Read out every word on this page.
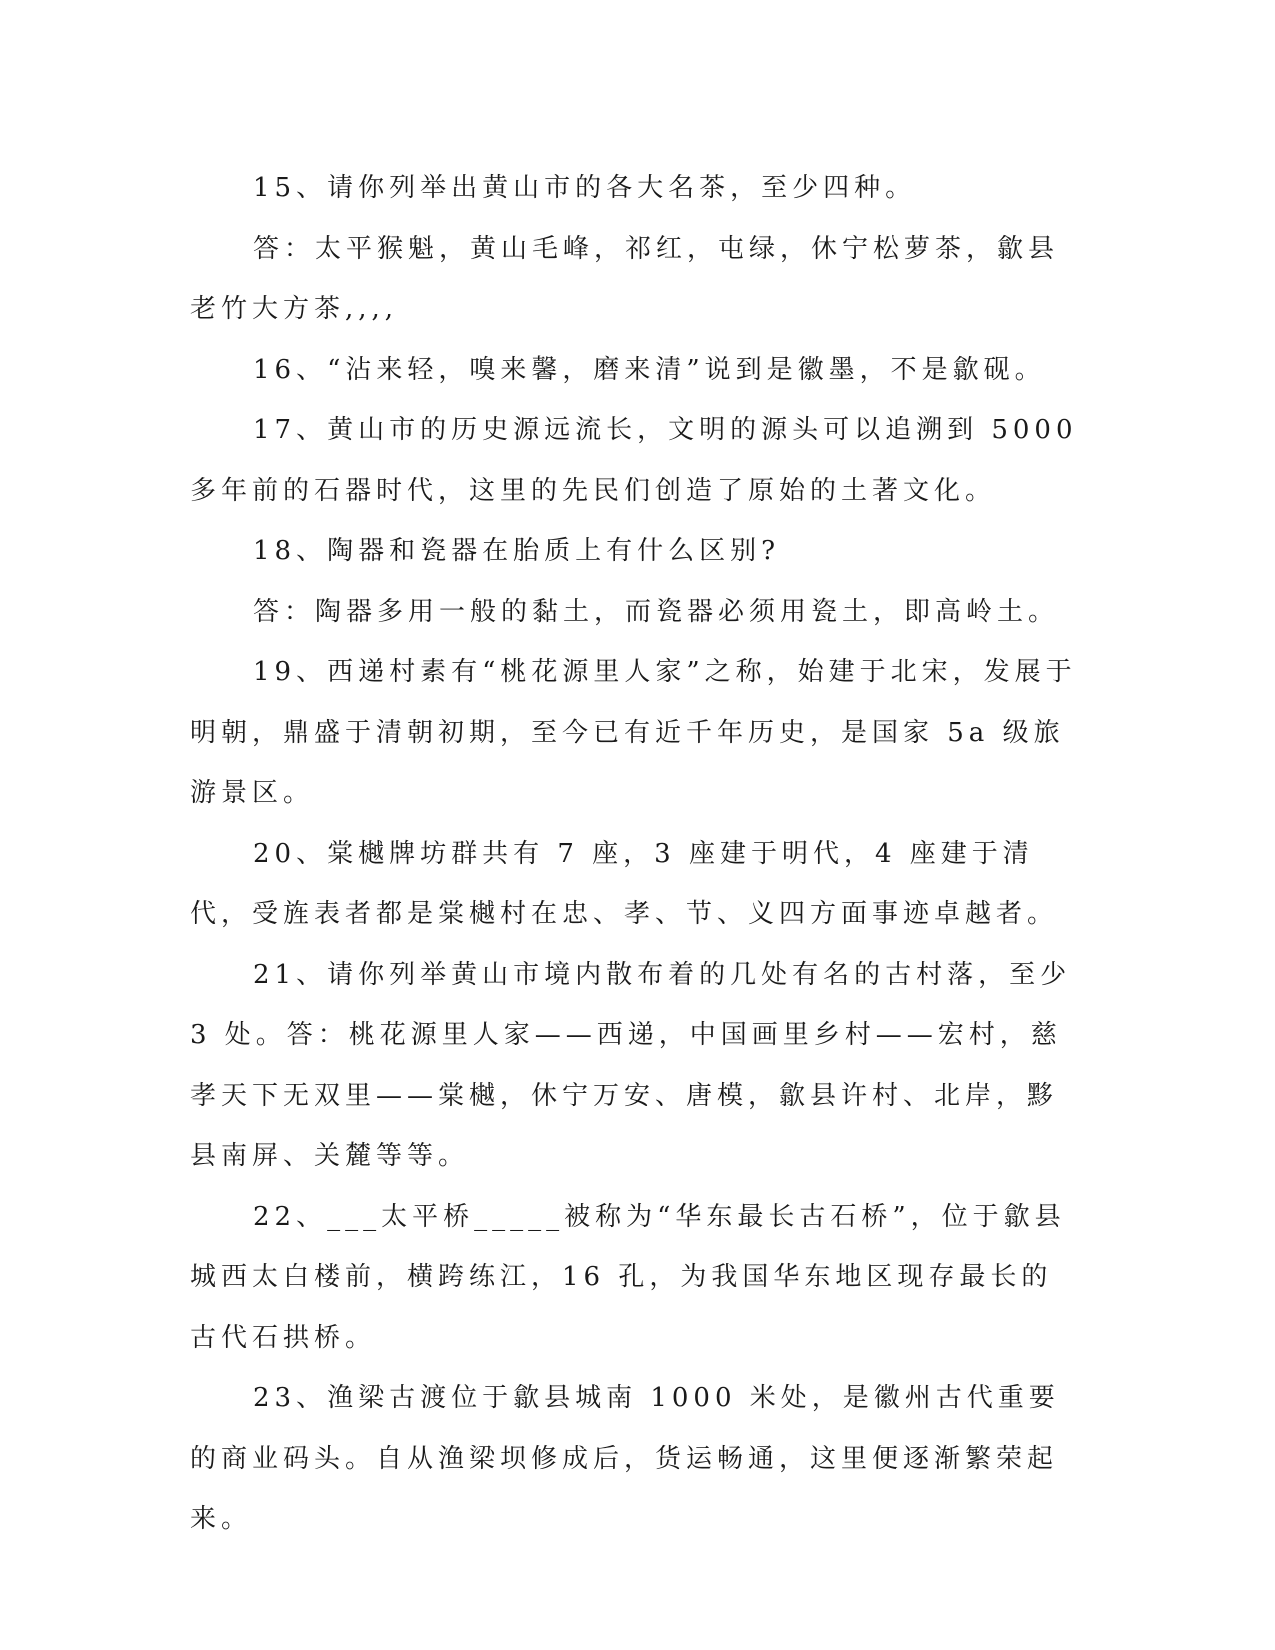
15、请你列举出黄山市的各大名茶，至少四种。

答：太平猴魁，黄山毛峰，祁红，屯绿，休宁松萝茶，歙县老竹大方茶,,,,

16、“沾来轻，嗅来馨，磨来清”说到是徽墨，不是歙砚。

17、黄山市的历史源远流长，文明的源头可以追溯到 5000 多年前的石器时代，这里的先民们创造了原始的土著文化。

18、陶器和瓷器在胎质上有什么区别?

答：陶器多用一般的黏土，而瓷器必须用瓷土，即高岭土。

19、西递村素有“桃花源里人家”之称，始建于北宋，发展于明朝，鼎盛于清朝初期，至今已有近千年历史，是国家 5a 级旅游景区。

20、棠樾牌坊群共有 7 座，3 座建于明代，4 座建于清代，受旌表者都是棠樾村在忠、孝、节、义四方面事迹卓越者。

21、请你列举黄山市境内散布着的几处有名的古村落，至少 3 处。答：桃花源里人家——西递，中国画里乡村——宏村，慈孝天下无双里——棠樾，休宁万安、唐模，歙县许村、北岸，黟县南屏、关麓等等。

22、___太平桥_____被称为“华东最长古石桥”，位于歙县城西太白楼前，横跨练江，16 孔，为我国华东地区现存最长的古代石拱桥。

23、渔梁古渡位于歙县城南 1000 米处，是徽州古代重要的商业码头。自从渔梁坝修成后，货运畅通，这里便逐渐繁荣起来。
